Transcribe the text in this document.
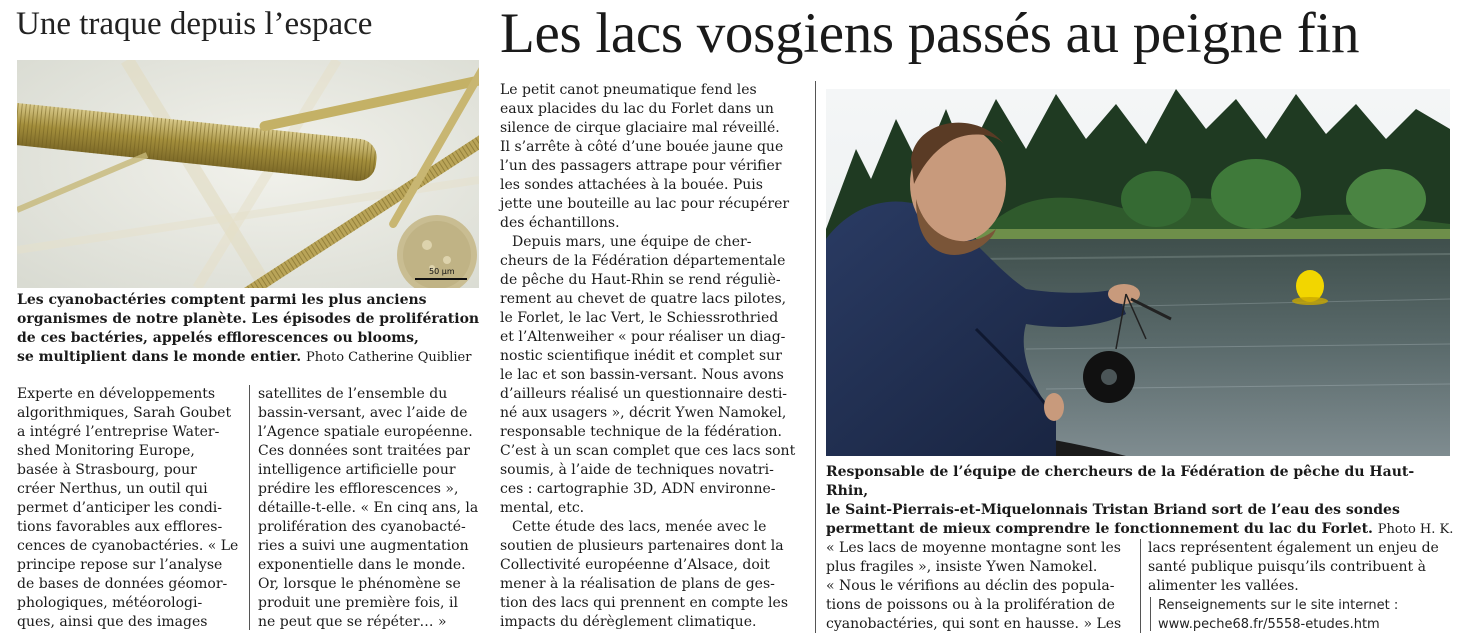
Une traque depuis l’espace
50 µm
Les cyanobactéries comptent parmi les plus anciens
organismes de notre planète. Les épisodes de prolifération
de ces bactéries, appelés efflorescences ou blooms,
se multiplient dans le monde entier. Photo Catherine Quiblier

Experte en développements
algorithmiques, Sarah Goubet
a intégré l’entreprise Water-
shed Monitoring Europe,
basée à Strasbourg, pour
créer Nerthus, un outil qui
permet d’anticiper les condi-
tions favorables aux efflores-
cences de cyanobactéries. « Le
principe repose sur l’analyse
de bases de données géomor-
phologiques, météorologi-
ques, ainsi que des images

satellites de l’ensemble du
bassin-versant, avec l’aide de
l’Agence spatiale européenne.
Ces données sont traitées par
intelligence artificielle pour
prédire les efflorescences »,
détaille-t-elle. « En cinq ans, la
prolifération des cyanobacté-
ries a suivi une augmentation
exponentielle dans le monde.
Or, lorsque le phénomène se
produit une première fois, il
ne peut que se répéter… »

Les lacs vosgiens passés au peigne fin

Le petit canot pneumatique fend les
eaux placides du lac du Forlet dans un
silence de cirque glaciaire mal réveillé.
Il s’arrête à côté d’une bouée jaune que
l’un des passagers attrape pour vérifier
les sondes attachées à la bouée. Puis
jette une bouteille au lac pour récupérer
des échantillons.

Depuis mars, une équipe de cher-
cheurs de la Fédération départementale
de pêche du Haut-Rhin se rend réguliè-
rement au chevet de quatre lacs pilotes,
le Forlet, le lac Vert, le Schiessrothried
et l’Altenweiher « pour réaliser un diag-
nostic scientifique inédit et complet sur
le lac et son bassin-versant. Nous avons
d’ailleurs réalisé un questionnaire desti-
né aux usagers », décrit Ywen Namokel,
responsable technique de la fédération.
C’est à un scan complet que ces lacs sont
soumis, à l’aide de techniques novatri-
ces : cartographie 3D, ADN environne-
mental, etc.

Cette étude des lacs, menée avec le
soutien de plusieurs partenaires dont la
Collectivité européenne d’Alsace, doit
mener à la réalisation de plans de ges-
tion des lacs qui prennent en compte les
impacts du dérèglement climatique.

Responsable de l’équipe de chercheurs de la Fédération de pêche du Haut-Rhin,
le Saint-Pierrais-et-Miquelonnais Tristan Briand sort de l’eau des sondes
permettant de mieux comprendre le fonctionnement du lac du Forlet. Photo H. K.

« Les lacs de moyenne montagne sont les
plus fragiles », insiste Ywen Namokel.
« Nous le vérifions au déclin des popula-
tions de poissons ou à la prolifération de
cyanobactéries, qui sont en hausse. » Les

lacs représentent également un enjeu de
santé publique puisqu’ils contribuent à
alimenter les vallées.

Renseignements sur le site internet :
www.peche68.fr/5558-etudes.htm
